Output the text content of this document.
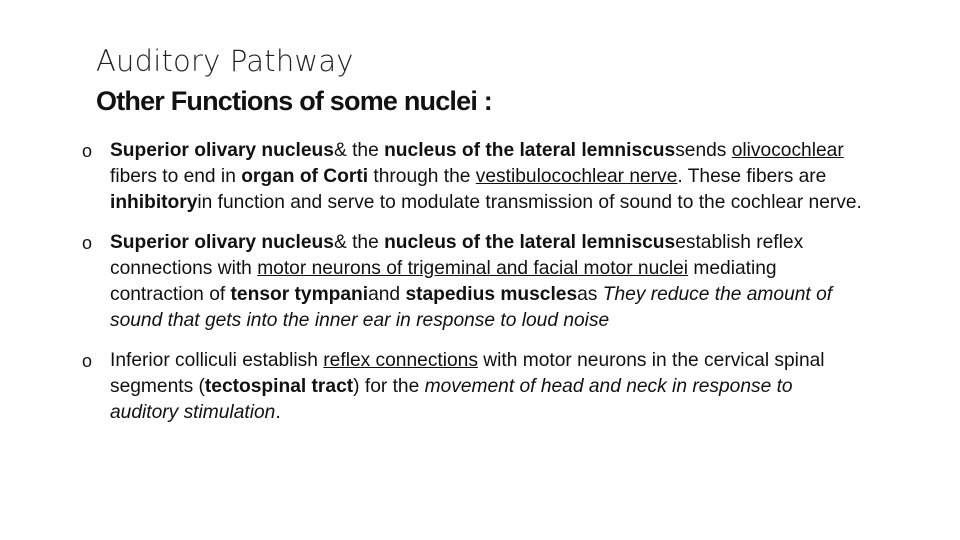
Auditory Pathway
Other Functions of some nuclei :
o Superior olivary nucleus& the nucleus of the lateral lemniscussends olivocochlear fibers to end in organ of Corti through the vestibulocochlear nerve. These fibers are inhibitoryin function and serve to modulate transmission of sound to the cochlear nerve.
o Superior olivary nucleus& the nucleus of the lateral lemniscusestablish reflex connections with motor neurons of trigeminal and facial motor nuclei mediating contraction of tensor tympaniand stapedius musclesas They reduce the amount of sound that gets into the inner ear in response to loud noise
o Inferior colliculi establish reflex connections with motor neurons in the cervical spinal segments (tectospinal tract) for the movement of head and neck in response to auditory stimulation.
